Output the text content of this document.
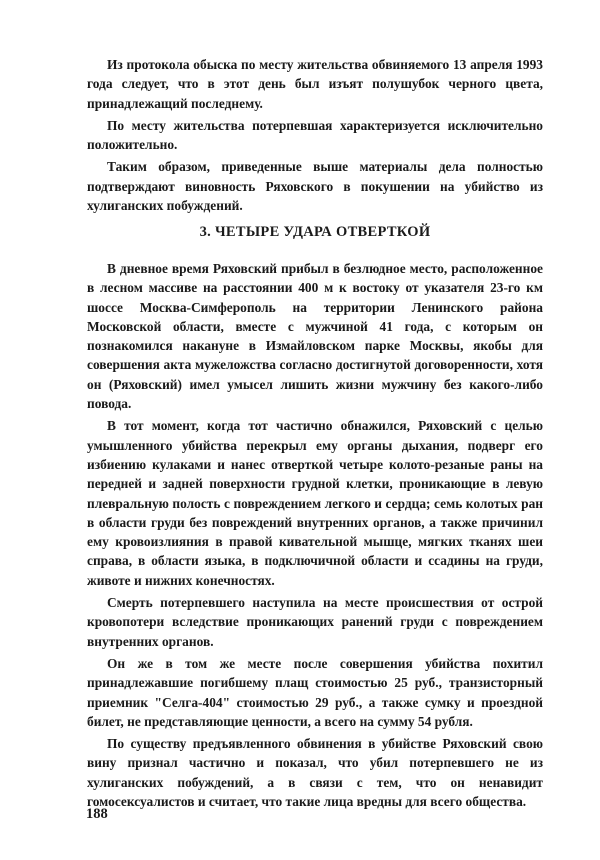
Из протокола обыска по месту жительства обвиняемого 13 апреля 1993 года следует, что в этот день был изъят полушубок черного цвета, принадлежащий последнему.

По месту жительства потерпевшая характеризуется исключительно положительно.

Таким образом, приведенные выше материалы дела полностью подтверждают виновность Ряховского в покушении на убийство из хулиганских побуждений.

3. ЧЕТЫРЕ УДАРА ОТВЕРТКОЙ

В дневное время Ряховский прибыл в безлюдное место, расположенное в лесном массиве на расстоянии 400 м к востоку от указателя 23-го км шоссе Москва-Симферополь на территории Ленинского района Московской области, вместе с мужчиной 41 года, с которым он познакомился накануне в Измайловском парке Москвы, якобы для совершения акта мужеложства согласно достигнутой договоренности, хотя он (Ряховский) имел умысел лишить жизни мужчину без какого-либо повода.

В тот момент, когда тот частично обнажился, Ряховский с целью умышленного убийства перекрыл ему органы дыхания, подверг его избиению кулаками и нанес отверткой четыре колото-резаные раны на передней и задней поверхности грудной клетки, проникающие в левую плевральную полость с повреждением легкого и сердца; семь колотых ран в области груди без повреждений внутренних органов, а также причинил ему кровоизлияния в правой кивательной мышце, мягких тканях шеи справа, в области языка, в подключичной области и ссадины на груди, животе и нижних конечностях.

Смерть потерпевшего наступила на месте происшествия от острой кровопотери вследствие проникающих ранений груди с повреждением внутренних органов.

Он же в том же месте после совершения убийства похитил принадлежавшие погибшему плащ стоимостью 25 руб., транзисторный приемник "Селга-404" стоимостью 29 руб., а также сумку и проездной билет, не представляющие ценности, а всего на сумму 54 рубля.

По существу предъявленного обвинения в убийстве Ряховский свою вину признал частично и показал, что убил потерпевшего не из хулиганских побуждений, а в связи с тем, что он ненавидит гомосексуалистов и считает, что такие лица вредны для всего общества.

188
